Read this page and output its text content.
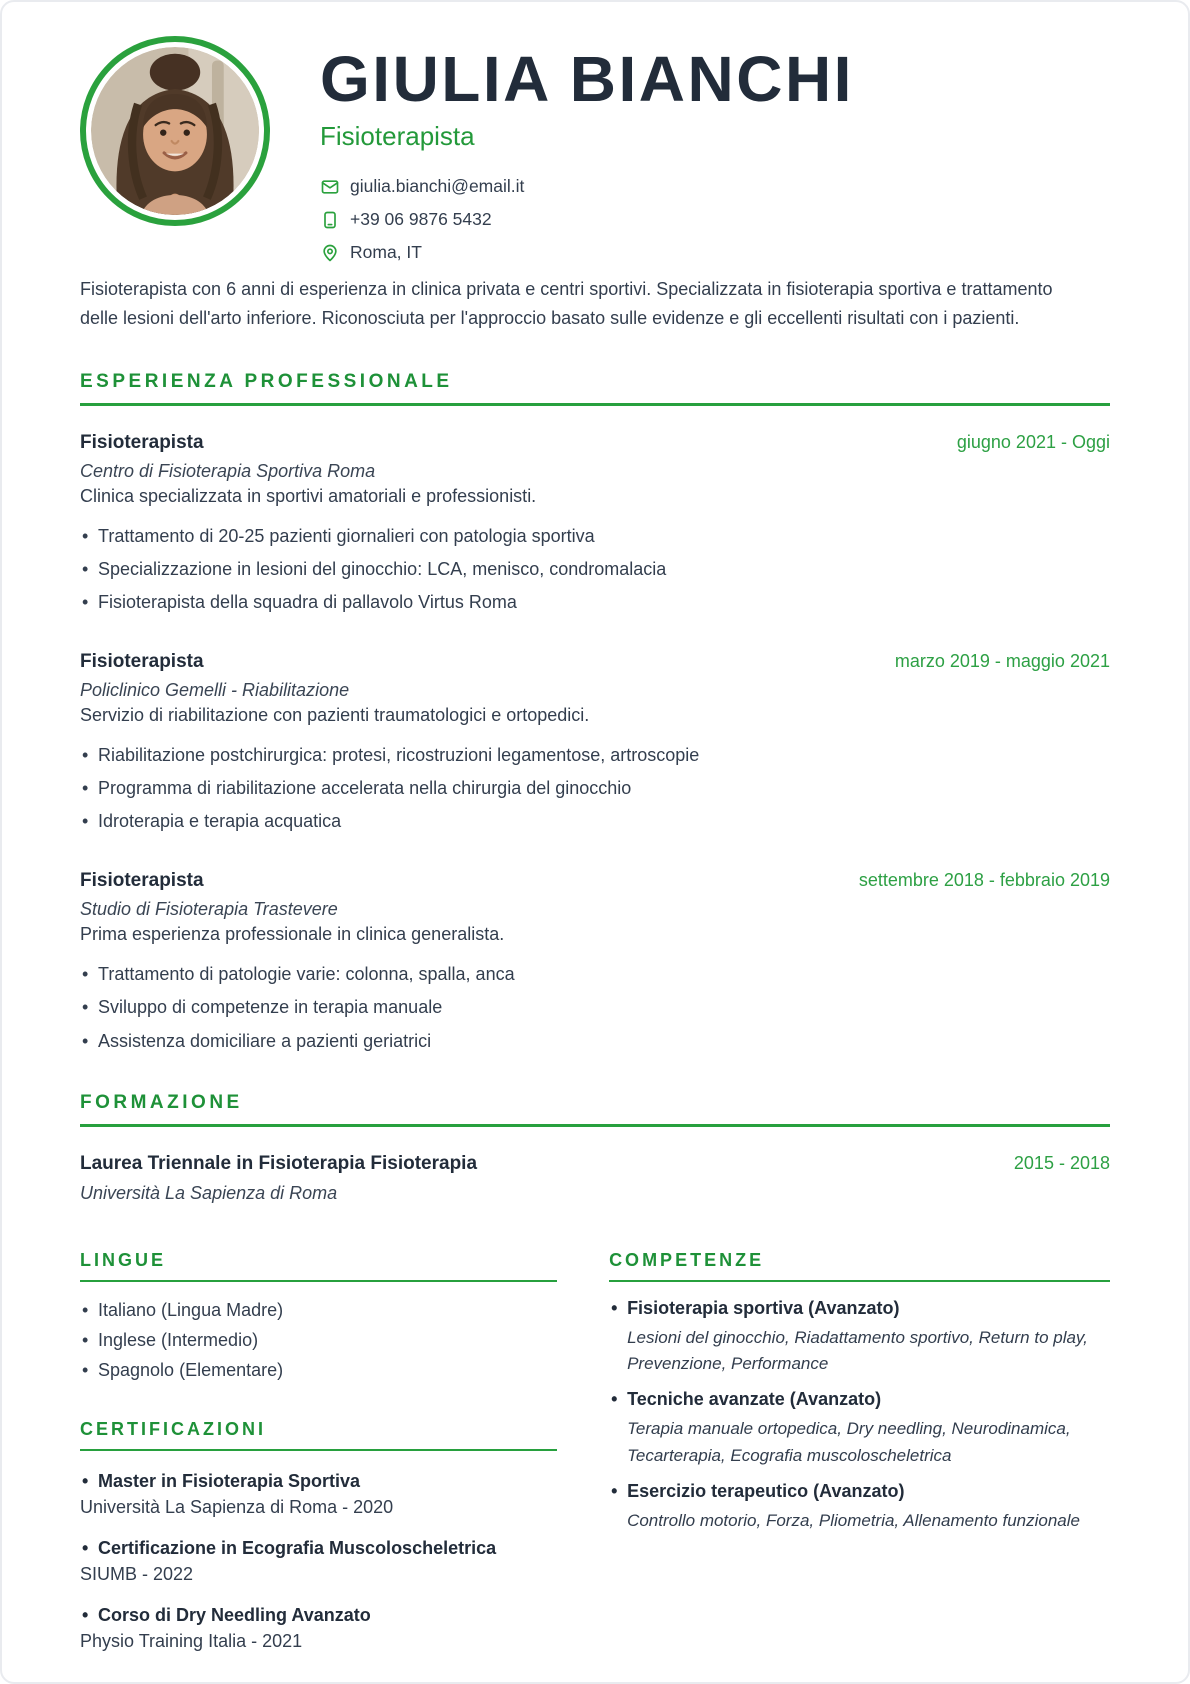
GIULIA BIANCHI
Fisioterapista
giulia.bianchi@email.it
+39 06 9876 5432
Roma, IT
Fisioterapista con 6 anni di esperienza in clinica privata e centri sportivi. Specializzata in fisioterapia sportiva e trattamento delle lesioni dell'arto inferiore. Riconosciuta per l'approccio basato sulle evidenze e gli eccellenti risultati con i pazienti.
ESPERIENZA PROFESSIONALE
Fisioterapista	giugno 2021 - Oggi
Centro di Fisioterapia Sportiva Roma
Clinica specializzata in sportivi amatoriali e professionisti.
• Trattamento di 20-25 pazienti giornalieri con patologia sportiva
• Specializzazione in lesioni del ginocchio: LCA, menisco, condromalacia
• Fisioterapista della squadra di pallavolo Virtus Roma
Fisioterapista	marzo 2019 - maggio 2021
Policlinico Gemelli - Riabilitazione
Servizio di riabilitazione con pazienti traumatologici e ortopedici.
• Riabilitazione postchirurgica: protesi, ricostruzioni legamentose, artroscopie
• Programma di riabilitazione accelerata nella chirurgia del ginocchio
• Idroterapia e terapia acquatica
Fisioterapista	settembre 2018 - febbraio 2019
Studio di Fisioterapia Trastevere
Prima esperienza professionale in clinica generalista.
• Trattamento di patologie varie: colonna, spalla, anca
• Sviluppo di competenze in terapia manuale
• Assistenza domiciliare a pazienti geriatrici
FORMAZIONE
Laurea Triennale in Fisioterapia Fisioterapia	2015 - 2018
Università La Sapienza di Roma
LINGUE
• Italiano (Lingua Madre)
• Inglese (Intermedio)
• Spagnolo (Elementare)
CERTIFICAZIONI
• Master in Fisioterapia Sportiva
Università La Sapienza di Roma - 2020
• Certificazione in Ecografia Muscoloscheletrica
SIUMB - 2022
• Corso di Dry Needling Avanzato
Physio Training Italia - 2021
COMPETENZE
• Fisioterapia sportiva (Avanzato)
Lesioni del ginocchio, Riadattamento sportivo, Return to play, Prevenzione, Performance
• Tecniche avanzate (Avanzato)
Terapia manuale ortopedica, Dry needling, Neurodinamica, Tecarterapia, Ecografia muscoloscheletrica
• Esercizio terapeutico (Avanzato)
Controllo motorio, Forza, Pliometria, Allenamento funzionale
